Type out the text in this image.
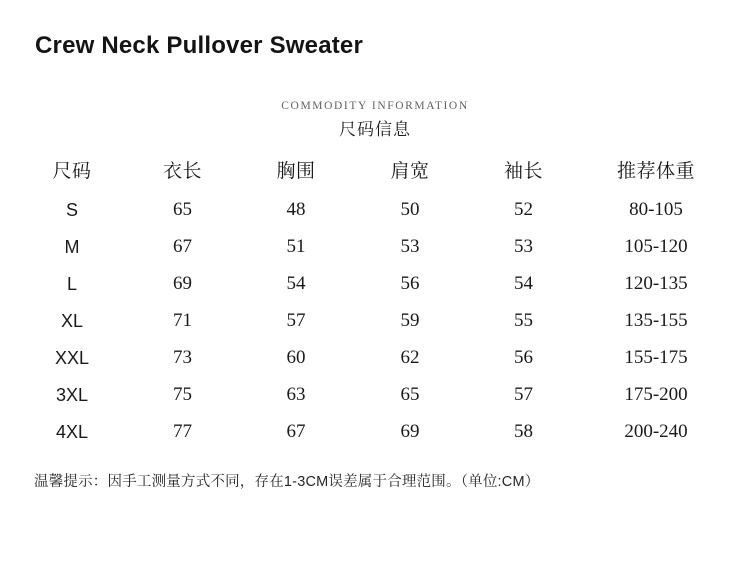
Crew Neck Pullover Sweater
COMMODITY INFORMATION
尺码信息
尺码	衣长	胸围	肩宽	袖长	推荐体重
S	65	48	50	52	80-105
M	67	51	53	53	105-120
L	69	54	56	54	120-135
XL	71	57	59	55	135-155
XXL	73	60	62	56	155-175
3XL	75	63	65	57	175-200
4XL	77	67	69	58	200-240
温馨提示：因手工测量方式不同，存在1-3CM误差属于合理范围。（单位:CM）
